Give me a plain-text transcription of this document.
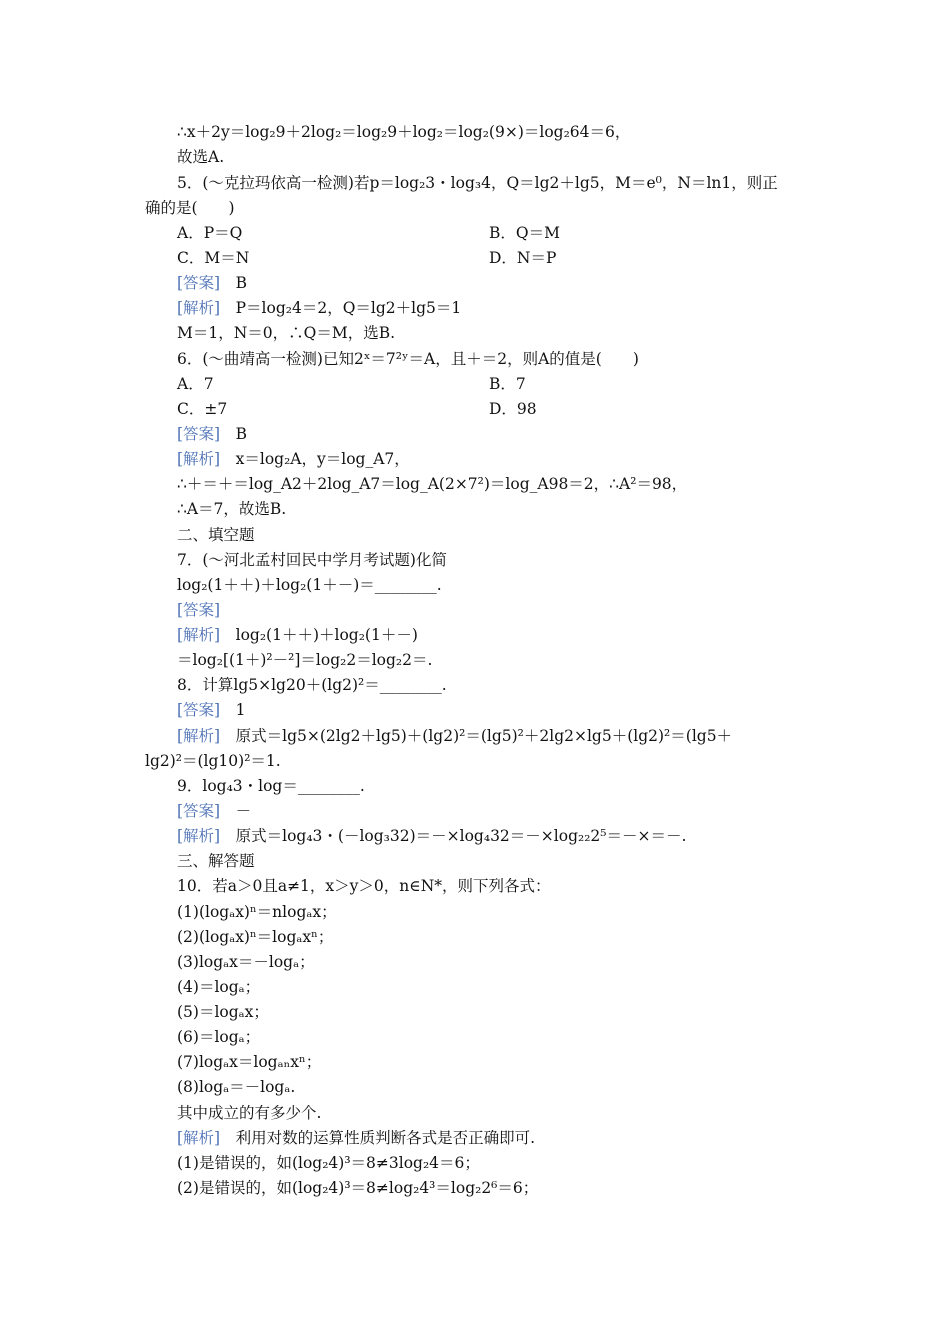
∴x＋2y＝log₂9＋2log₂＝log₂9＋log₂＝log₂(9×)＝log₂64＝6，
故选A.
5．(～克拉玛依高一检测)若p＝log₂3・log₃4，Q＝lg2＋lg5，M＝e⁰，N＝ln1，则正
确的是(　　)
A．P＝Q	B．Q＝M
C．M＝N	D．N＝P
[答案]　 B
[解析]　 P＝log₂4＝2，Q＝lg2＋lg5＝1
M＝1，N＝0，∴Q＝M，选B.
6．(～曲靖高一检测)已知2ˣ＝7²ʸ＝A，且＋＝2，则A的值是(　　)
A．7	B．7
C．±7	D．98
[答案]　 B
[解析]　 x＝log₂A，y＝log_A7，
∴＋＝＋＝log_A2＋2log_A7＝log_A(2×7²)＝log_A98＝2，∴A²＝98，
∴A＝7，故选B.
二、填空题
7．(～河北孟村回民中学月考试题)化简
log₂(1＋＋)＋log₂(1＋－)＝________.
[答案]
[解析]　 log₂(1＋＋)＋log₂(1＋－)
＝log₂[(1＋)²－²]＝log₂2＝log₂2＝.
8．计算lg5×lg20＋(lg2)²＝________.
[答案]　 1
[解析]　 原式＝lg5×(2lg2＋lg5)＋(lg2)²＝(lg5)²＋2lg2×lg5＋(lg2)²＝(lg5＋
lg2)²＝(lg10)²＝1.
9．log₄3・log＝________.
[答案]　 －
[解析]　 原式＝log₄3・(－log₃32)＝－×log₄32＝－×log₂₂2⁵＝－×＝－.
三、解答题
10．若a＞0且a≠1，x＞y＞0，n∈N*，则下列各式：
(1)(logₐx)ⁿ＝nlogₐx；
(2)(logₐx)ⁿ＝logₐxⁿ；
(3)logₐx＝－logₐ；
(4)＝logₐ；
(5)＝logₐx；
(6)＝logₐ；
(7)logₐx＝logₐₙxⁿ；
(8)logₐ＝－logₐ.
其中成立的有多少个.
[解析]　 利用对数的运算性质判断各式是否正确即可.
(1)是错误的，如(log₂4)³＝8≠3log₂4＝6；
(2)是错误的，如(log₂4)³＝8≠log₂4³＝log₂2⁶＝6；
